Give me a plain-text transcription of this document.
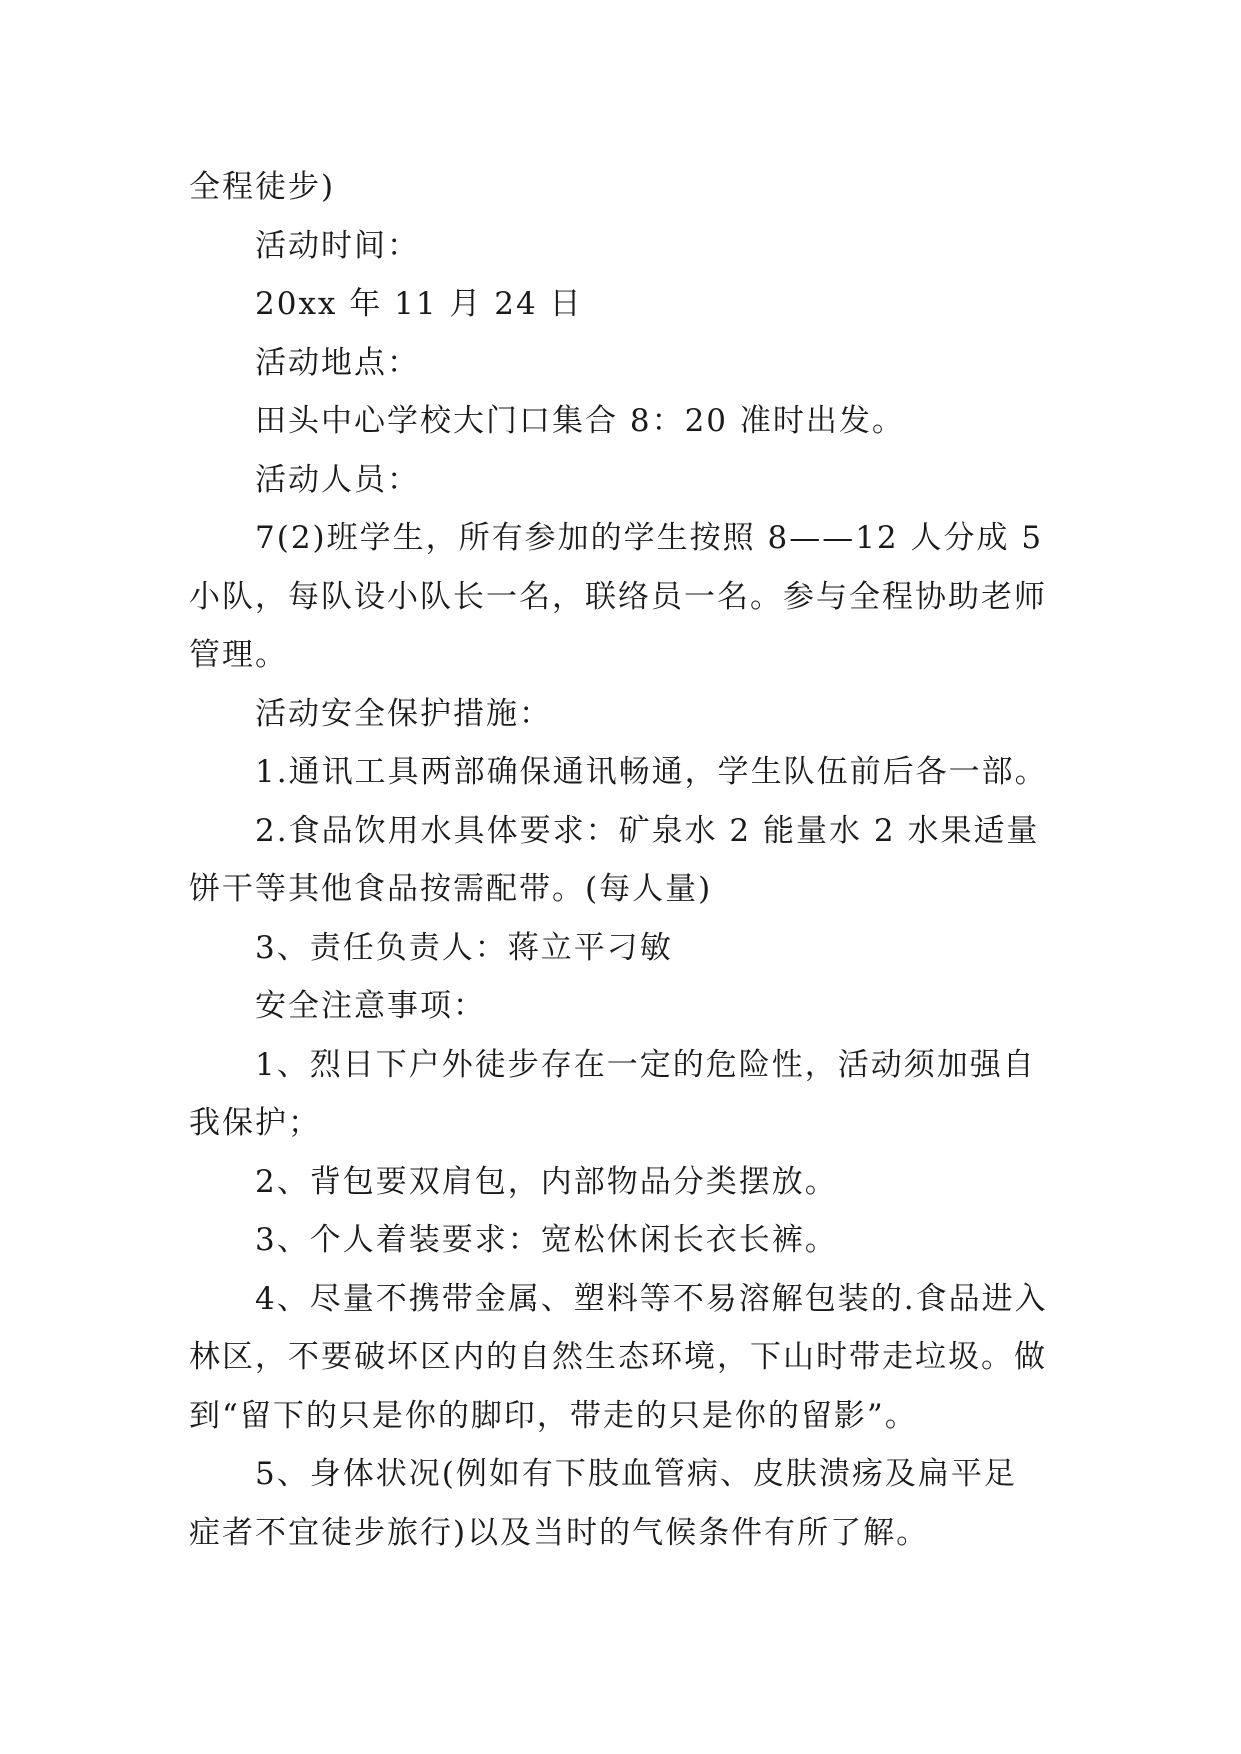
全程徒步)

活动时间：

20xx 年 11 月 24 日

活动地点：

田头中心学校大门口集合 8：20 准时出发。

活动人员：

7(2)班学生，所有参加的学生按照 8——12 人分成 5 小队，每队设小队长一名，联络员一名。参与全程协助老师管理。

活动安全保护措施：

1.通讯工具两部确保通讯畅通，学生队伍前后各一部。

2.食品饮用水具体要求：矿泉水 2 能量水 2 水果适量饼干等其他食品按需配带。(每人量)

3、责任负责人：蒋立平刁敏

安全注意事项：

1、烈日下户外徒步存在一定的危险性，活动须加强自我保护；

2、背包要双肩包，内部物品分类摆放。

3、个人着装要求：宽松休闲长衣长裤。

4、尽量不携带金属、塑料等不易溶解包装的.食品进入林区，不要破坏区内的自然生态环境，下山时带走垃圾。做到“留下的只是你的脚印，带走的只是你的留影”。

5、身体状况(例如有下肢血管病、皮肤溃疡及扁平足症者不宜徒步旅行)以及当时的气候条件有所了解。
